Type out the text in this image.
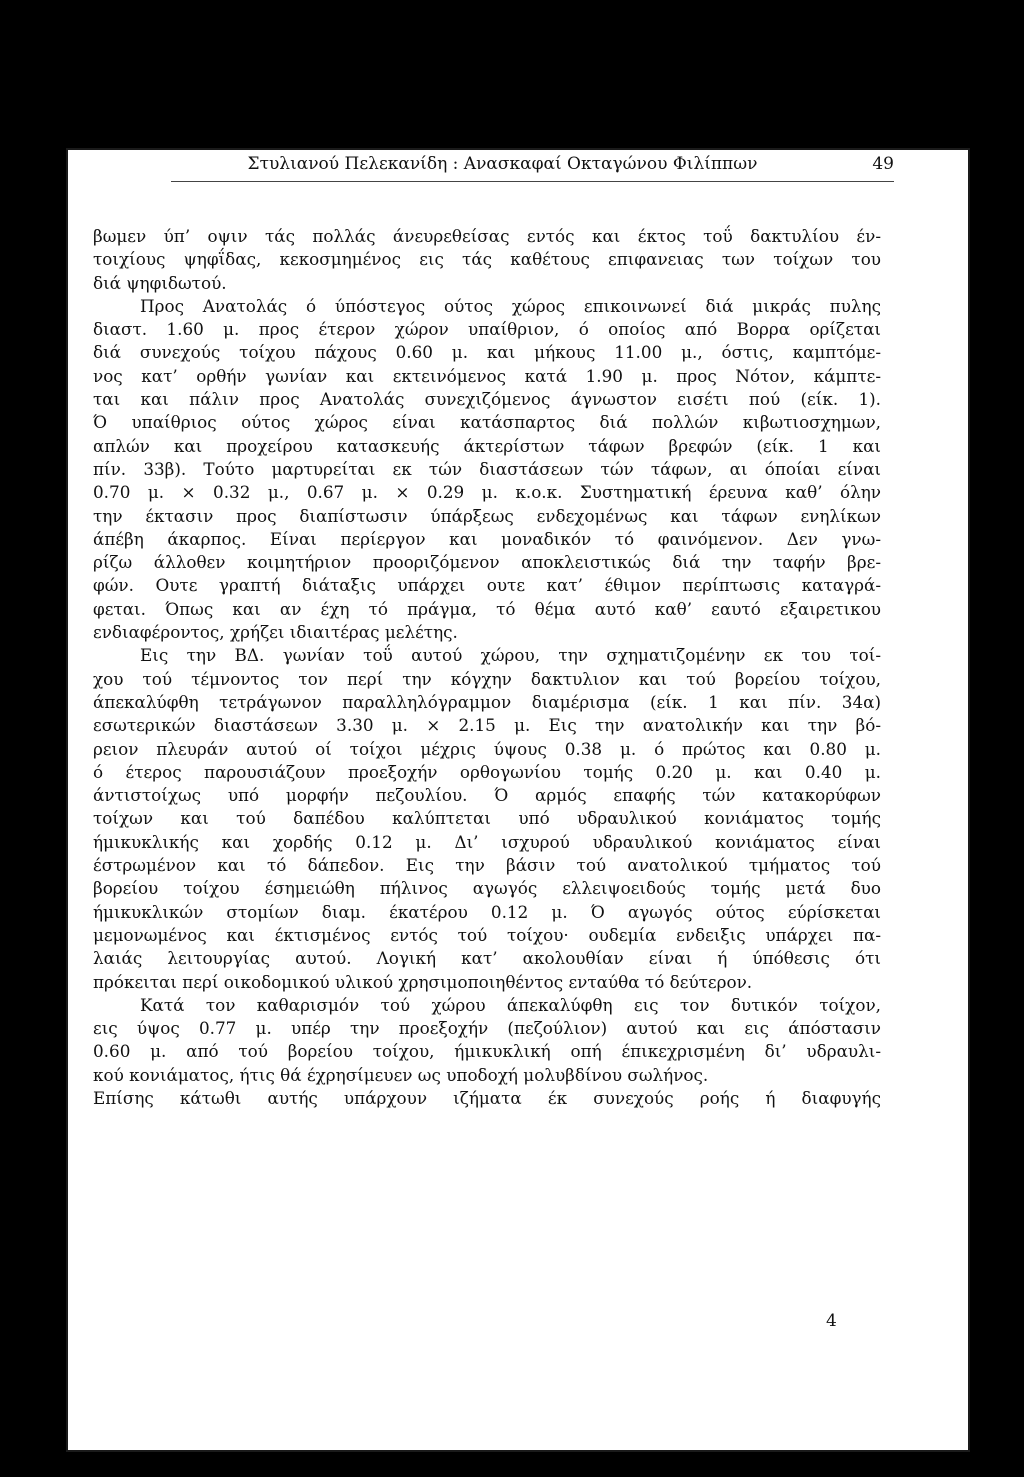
Στυλιανού Πελεκανίδη : Ανασκαφαί Οκταγώνου Φιλίππων	49
βωμεν ύπ’ οψιν τάς πολλάς άνευρεθείσας εντός και έκτος τοΰ δακτυλίου έν-
τοιχίους ψηφΐδας, κεκοσμημένος εις τάς καθέτους επιφανειας των τοίχων του
διά ψηφιδωτού.
Προς Ανατολάς ό ύπόστεγος ούτος χώρος επικοινωνεί διά μικράς πυλης
διαστ. 1.60 μ. προς έτερον χώρον υπαίθριον, ό οποίος από Βορρα ορίζεται
διά συνεχούς τοίχου πάχους 0.60 μ. και μήκους 11.00 μ., όστις, καμπτόμε-
νος κατ’ ορθήν γωνίαν και εκτεινόμενος κατά 1.90 μ. προς Νότον, κάμπτε-
ται και πάλιν προς Ανατολάς συνεχιζόμενος άγνωστον εισέτι πού (είκ. 1).
Ό υπαίθριος ούτος χώρος είναι κατάσπαρτος διά πολλών κιβωτιοσχημων,
απλών και προχείρου κατασκευής άκτερίστων τάφων βρεφών (είκ. 1 και
πίν. 33β). Τούτο μαρτυρείται εκ τών διαστάσεων τών τάφων, αι όποίαι είναι
0.70 μ. × 0.32 μ., 0.67 μ. × 0.29 μ. κ.ο.κ. Συστηματική έρευνα καθ’ όλην
την έκτασιν προς διαπίστωσιν ύπάρξεως ενδεχομένως και τάφων ενηλίκων
άπέβη άκαρπος. Είναι περίεργον και μοναδικόν τό φαινόμενον. Δεν γνω-
ρίζω άλλοθεν κοιμητήριον προοριζόμενον αποκλειστικώς διά την ταφήν βρε-
φών. Ουτε γραπτή διάταξις υπάρχει ουτε κατ’ έθιμον περίπτωσις καταγρά-
φεται. Όπως και αν έχη τό πράγμα, τό θέμα αυτό καθ’ εαυτό εξαιρετικου
ενδιαφέροντος, χρήζει ιδιαιτέρας μελέτης.
Εις την ΒΔ. γωνίαν τοΰ αυτού χώρου, την σχηματιζομένην εκ του τοί-
χου τού τέμνοντος τον περί την κόγχην δακτυλιον και τού βορείου τοίχου,
άπεκαλύφθη τετράγωνον παραλληλόγραμμον διαμέρισμα (είκ. 1 και πίν. 34α)
εσωτερικών διαστάσεων 3.30 μ. × 2.15 μ. Εις την ανατολικήν και την βό-
ρειον πλευράν αυτού οί τοίχοι μέχρις ύψους 0.38 μ. ό πρώτος και 0.80 μ.
ό έτερος παρουσιάζουν προεξοχήν ορθογωνίου τομής 0.20 μ. και 0.40 μ.
άντιστοίχως υπό μορφήν πεζουλίου. Ό αρμός επαφής τών κατακορύφων
τοίχων και τού δαπέδου καλύπτεται υπό υδραυλικού κονιάματος τομής
ήμικυκλικής και χορδής 0.12 μ. Δι’ ισχυρού υδραυλικού κονιάματος είναι
έστρωμένον και τό δάπεδον. Εις την βάσιν τού ανατολικού τμήματος τού
βορείου τοίχου έσημειώθη πήλινος αγωγός ελλειψοειδούς τομής μετά δυο
ήμικυκλικών στομίων διαμ. έκατέρου 0.12 μ. Ό αγωγός ούτος εύρίσκεται
μεμονωμένος και έκτισμένος εντός τού τοίχου· ουδεμία ενδειξις υπάρχει πα-
λαιάς λειτουργίας αυτού. Λογική κατ’ ακολουθίαν είναι ή ύπόθεσις ότι
πρόκειται περί οικοδομικού υλικού χρησιμοποιηθέντος ενταύθα τό δεύτερον.
Κατά τον καθαρισμόν τού χώρου άπεκαλύφθη εις τον δυτικόν τοίχον,
εις ύψος 0.77 μ. υπέρ την προεξοχήν (πεζούλιον) αυτού και εις άπόστασιν
0.60 μ. από τού βορείου τοίχου, ήμικυκλική οπή έπικεχρισμένη δι’ υδραυλι-
κού κονιάματος, ήτις θά έχρησίμευεν ως υποδοχή μολυβδίνου σωλήνος.
Επίσης κάτωθι αυτής υπάρχουν ιζήματα έκ συνεχούς ροής ή διαφυγής
4
